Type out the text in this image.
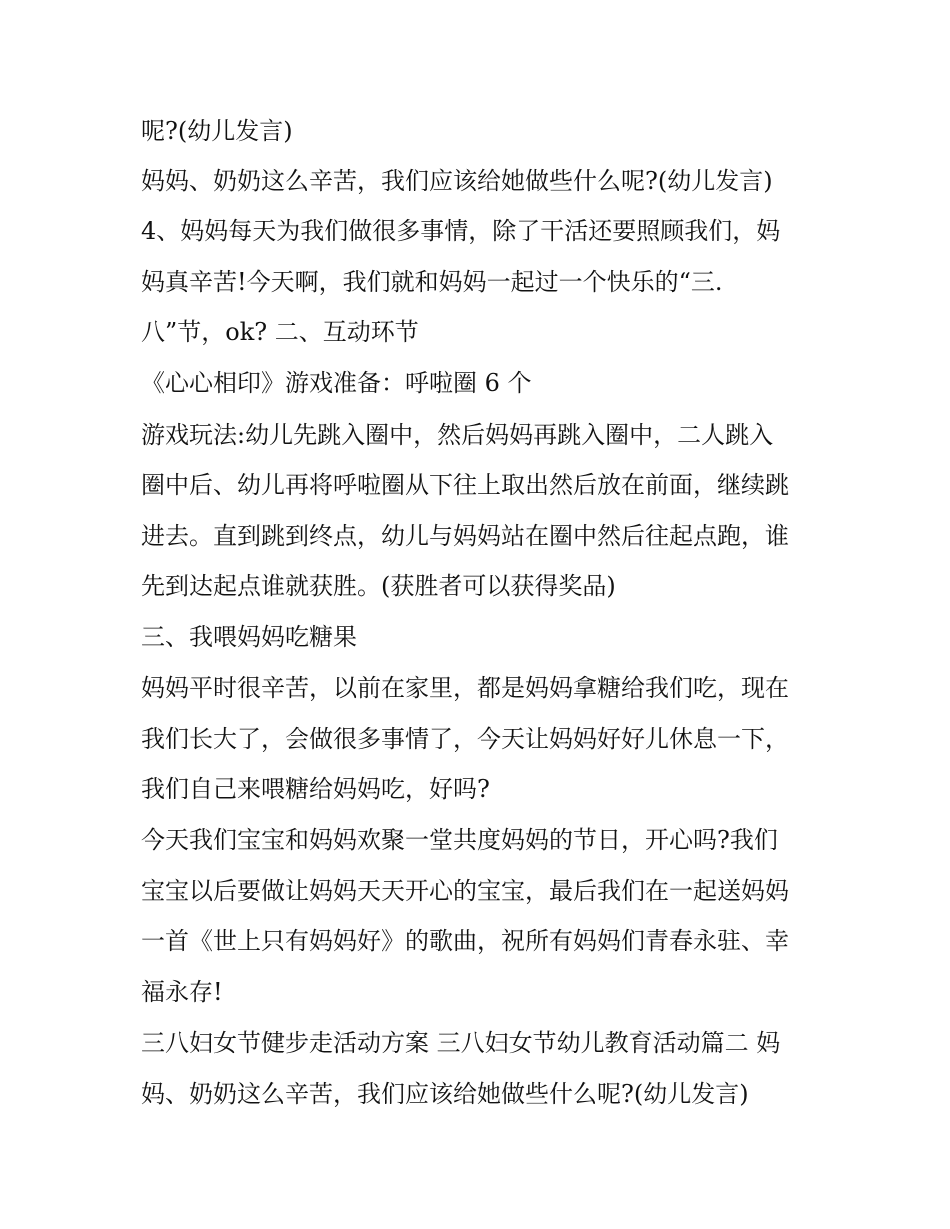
呢?(幼儿发言)
妈妈、奶奶这么辛苦，我们应该给她做些什么呢?(幼儿发言)
4、妈妈每天为我们做很多事情，除了干活还要照顾我们，妈
妈真辛苦!今天啊，我们就和妈妈一起过一个快乐的“三.
八”节，ok? 二、互动环节
《心心相印》游戏准备：呼啦圈 6 个
游戏玩法:幼儿先跳入圈中，然后妈妈再跳入圈中，二人跳入
圈中后、幼儿再将呼啦圈从下往上取出然后放在前面，继续跳
进去。直到跳到终点，幼儿与妈妈站在圈中然后往起点跑，谁
先到达起点谁就获胜。(获胜者可以获得奖品)
三、我喂妈妈吃糖果
妈妈平时很辛苦，以前在家里，都是妈妈拿糖给我们吃，现在
我们长大了，会做很多事情了，今天让妈妈好好儿休息一下，
我们自己来喂糖给妈妈吃，好吗?
今天我们宝宝和妈妈欢聚一堂共度妈妈的节日，开心吗?我们
宝宝以后要做让妈妈天天开心的宝宝，最后我们在一起送妈妈
一首《世上只有妈妈好》的歌曲，祝所有妈妈们青春永驻、幸
福永存!
三八妇女节健步走活动方案 三八妇女节幼儿教育活动篇二 妈
妈、奶奶这么辛苦，我们应该给她做些什么呢?(幼儿发言)
